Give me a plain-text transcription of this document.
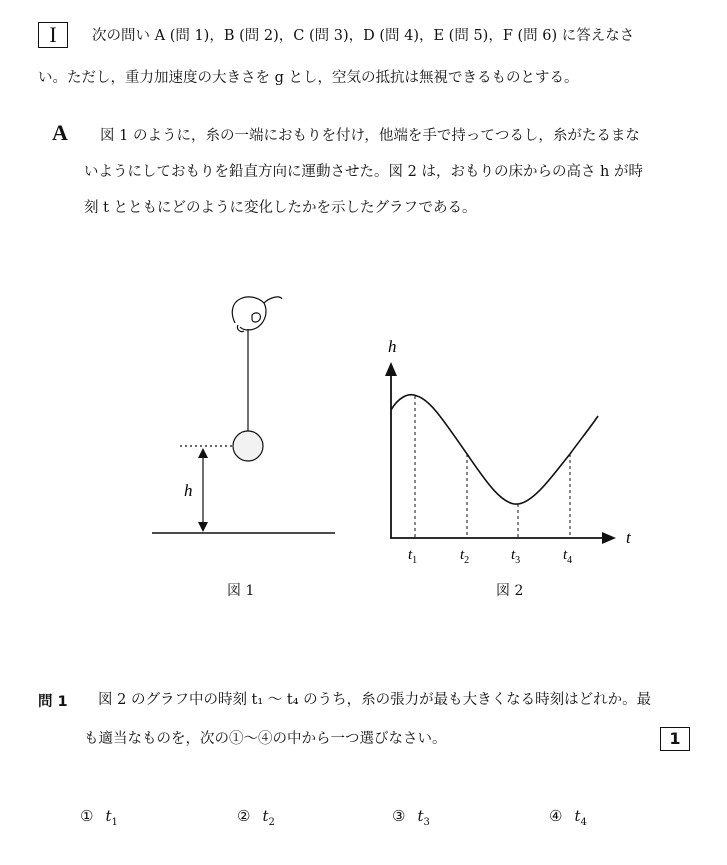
I	次の問い A (問 1)，B (問 2)，C (問 3)，D (問 4)，E (問 5)，F (問 6) に答えなさ
い。ただし，重力加速度の大きさを g とし，空気の抵抗は無視できるものとする。
A 図 1 のように，糸の一端におもりを付け，他端を手で持ってつるし，糸がたるまな
いようにしておもりを鉛直方向に運動させた。図 2 は，おもりの床からの高さ h が時
刻 t とともにどのように変化したかを示したグラフである。
h
図 1
h
t
$t_1$	$t_2$	$t_3$	$t_4$
図 2
問 1 図 2 のグラフ中の時刻 t₁ ～ t₄ のうち，糸の張力が最も大きくなる時刻はどれか。最
も適当なものを，次の①～④の中から一つ選びなさい。	1
① $t_1$	② $t_2$	③ $t_3$	④ $t_4$
